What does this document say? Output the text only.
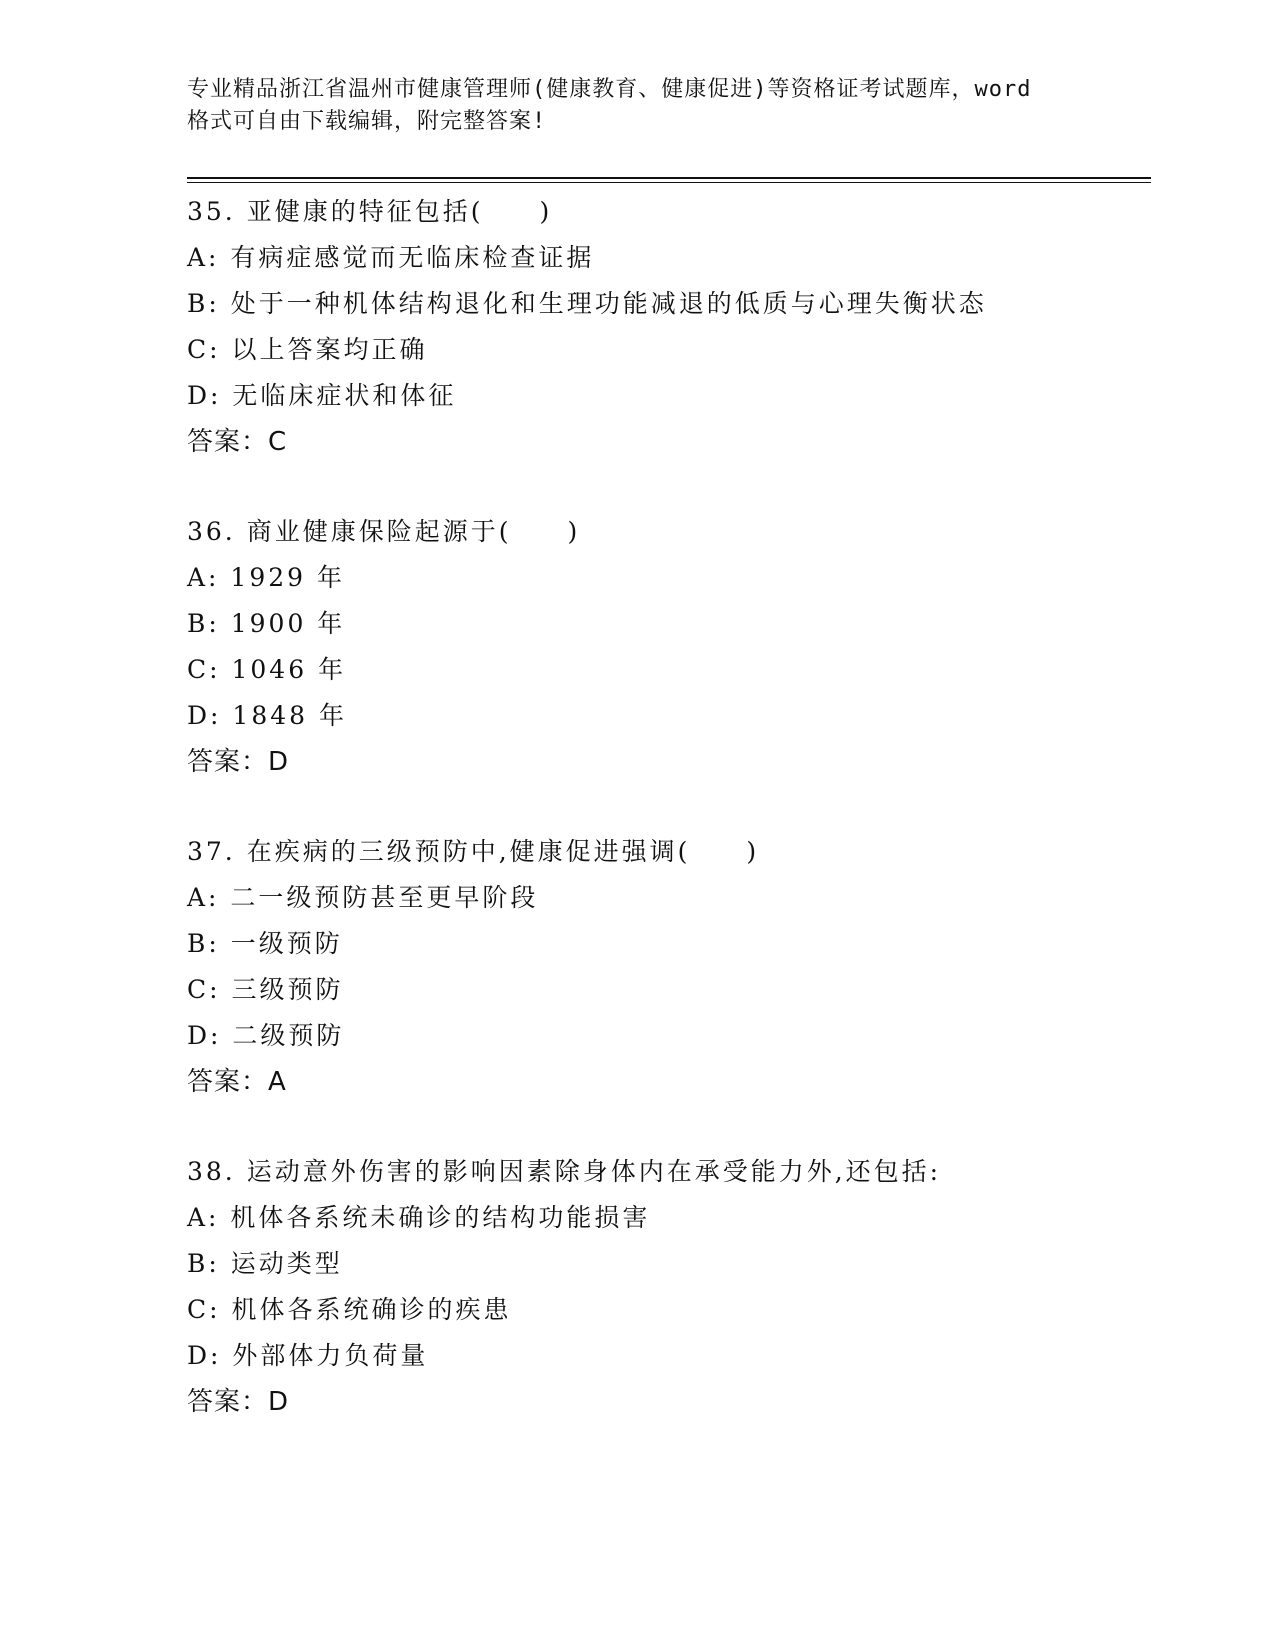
专业精品浙江省温州市健康管理师(健康教育、健康促进)等资格证考试题库，word
格式可自由下载编辑，附完整答案!
35. 亚健康的特征包括(　　)
A: 有病症感觉而无临床检查证据
B: 处于一种机体结构退化和生理功能减退的低质与心理失衡状态
C: 以上答案均正确
D: 无临床症状和体征
答案：C
36. 商业健康保险起源于(　　)
A: 1929 年
B: 1900 年
C: 1046 年
D: 1848 年
答案：D
37. 在疾病的三级预防中,健康促进强调(　　)
A: 二一级预防甚至更早阶段
B: 一级预防
C: 三级预防
D: 二级预防
答案：A
38. 运动意外伤害的影响因素除身体内在承受能力外,还包括:
A: 机体各系统未确诊的结构功能损害
B: 运动类型
C: 机体各系统确诊的疾患
D: 外部体力负荷量
答案：D
